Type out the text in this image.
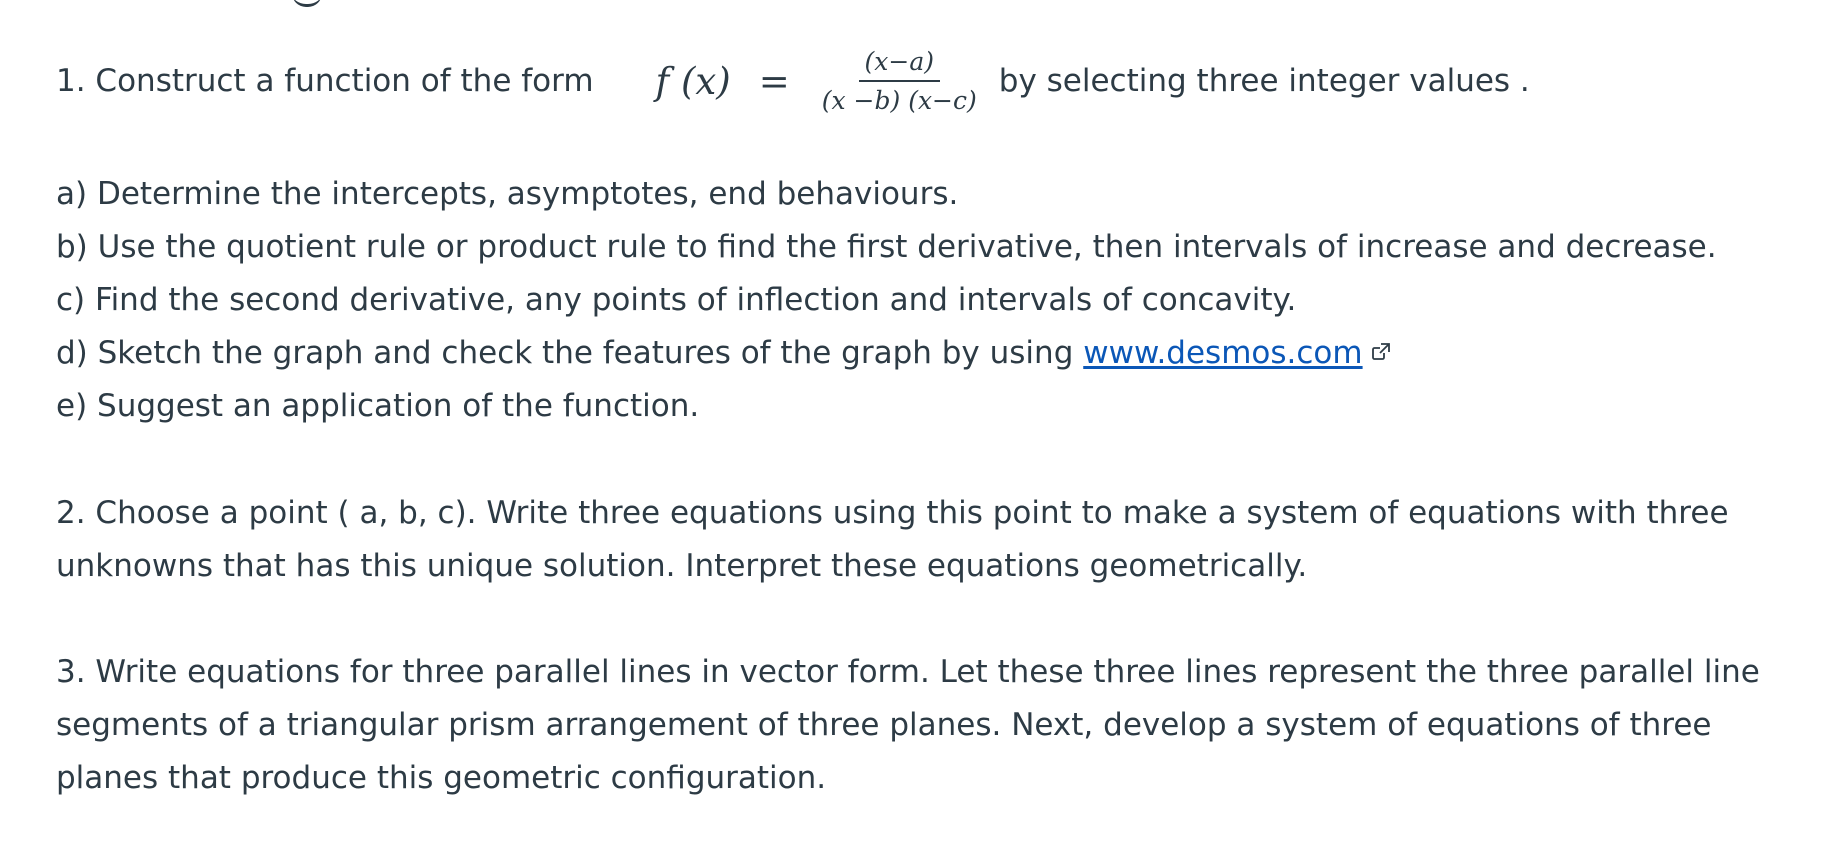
1. Construct a function of the form f $(x) = \frac{(x-a)}{(x -b) (x-c)}$ by selecting three integer values .
a) Determine the intercepts, asymptotes, end behaviours.
b) Use the quotient rule or product rule to find the first derivative, then intervals of increase and decrease.
c) Find the second derivative, any points of inflection and intervals of concavity.
d) Sketch the graph and check the features of the graph by using www.desmos.com
e) Suggest an application of the function.
2. Choose a point ( a, b, c). Write three equations using this point to make a system of equations with three unknowns that has this unique solution. Interpret these equations geometrically.
3. Write equations for three parallel lines in vector form. Let these three lines represent the three parallel line segments of a triangular prism arrangement of three planes. Next, develop a system of equations of three planes that produce this geometric configuration.
